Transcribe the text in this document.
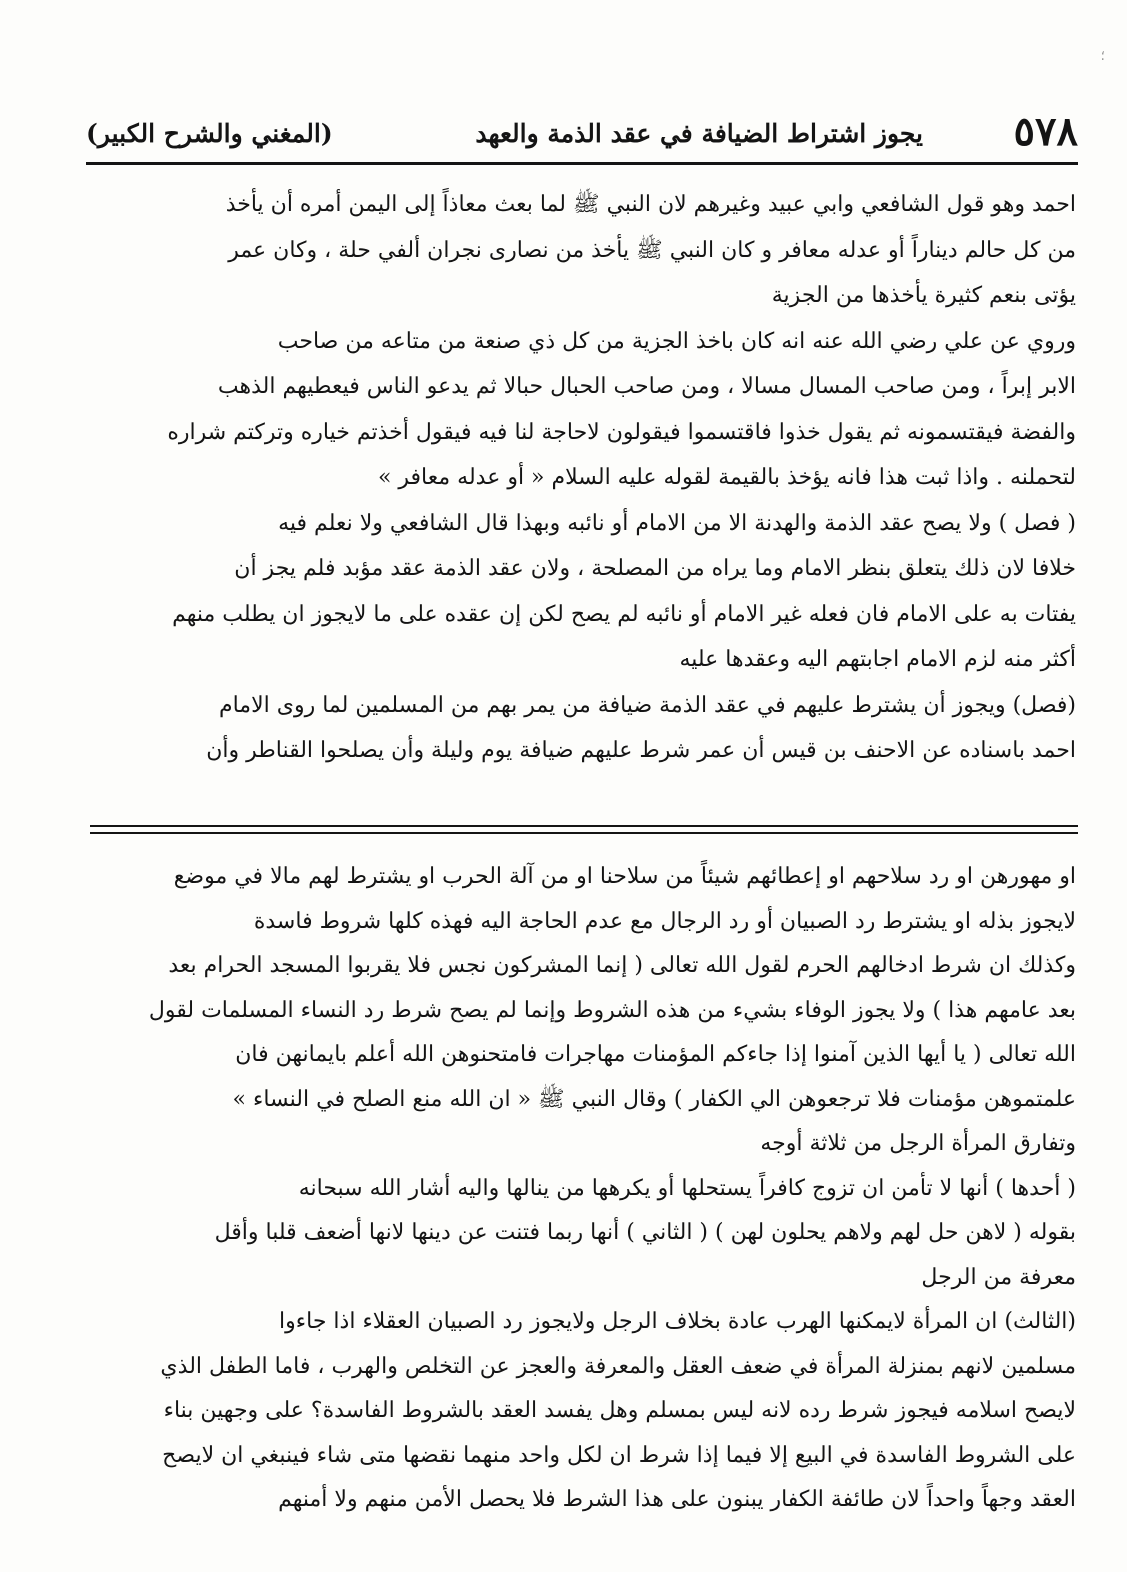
؛
٥٧٨
يجوز اشتراط الضيافة في عقد الذمة والعهد
(المغني والشرح الكبير)

احمد وهو قول الشافعي وابي عبيد وغيرهم لان النبي ﷺ لما بعث معاذاً إلى اليمن أمره أن يأخذ

من كل حالم ديناراً أو عدله معافر و كان النبي ﷺ يأخذ من نصارى نجران ألفي حلة ، وكان عمر

يؤتى بنعم كثيرة يأخذها من الجزية

وروي عن علي رضي الله عنه انه كان باخذ الجزية من كل ذي صنعة من متاعه من صاحب

الابر إبراً ، ومن صاحب المسال مسالا ، ومن صاحب الحبال حبالا ثم يدعو الناس فيعطيهم الذهب

والفضة فيقتسمونه ثم يقول خذوا فاقتسموا فيقولون لاحاجة لنا فيه فيقول أخذتم خياره وتركتم شراره

لتحملنه . واذا ثبت هذا فانه يؤخذ بالقيمة لقوله عليه السلام « أو عدله معافر »

( فصل ) ولا يصح عقد الذمة والهدنة الا من الامام أو نائبه وبهذا قال الشافعي ولا نعلم فيه

خلافا لان ذلك يتعلق بنظر الامام وما يراه من المصلحة ، ولان عقد الذمة عقد مؤبد فلم يجز أن

يفتات به على الامام فان فعله غير الامام أو نائبه لم يصح لكن إن عقده على ما لايجوز ان يطلب منهم

أكثر منه لزم الامام اجابتهم اليه وعقدها عليه

(فصل) ويجوز أن يشترط عليهم في عقد الذمة ضيافة من يمر بهم من المسلمين لما روى الامام

احمد باسناده عن الاحنف بن قيس أن عمر شرط عليهم ضيافة يوم وليلة وأن يصلحوا القناطر وأن

او مهورهن او رد سلاحهم او إعطائهم شيئاً من سلاحنا او من آلة الحرب او يشترط لهم مالا في موضع

لايجوز بذله او يشترط رد الصبيان أو رد الرجال مع عدم الحاجة اليه فهذه كلها شروط فاسدة

وكذلك ان شرط ادخالهم الحرم لقول الله تعالى ( إنما المشركون نجس فلا يقربوا المسجد الحرام بعد

بعد عامهم هذا ) ولا يجوز الوفاء بشيء من هذه الشروط وإنما لم يصح شرط رد النساء المسلمات لقول

الله تعالى ( يا أيها الذين آمنوا إذا جاءكم المؤمنات مهاجرات فامتحنوهن الله أعلم بايمانهن فان

علمتموهن مؤمنات فلا ترجعوهن الي الكفار ) وقال النبي ﷺ « ان الله منع الصلح في النساء »

وتفارق المرأة الرجل من ثلاثة أوجه

( أحدها ) أنها لا تأمن ان تزوج كافراً يستحلها أو يكرهها من ينالها واليه أشار الله سبحانه

بقوله ( لاهن حل لهم ولاهم يحلون لهن ) ( الثاني ) أنها ربما فتنت عن دينها لانها أضعف قلبا وأقل

معرفة من الرجل

(الثالث) ان المرأة لايمكنها الهرب عادة بخلاف الرجل ولايجوز رد الصبيان العقلاء اذا جاءوا

مسلمين لانهم بمنزلة المرأة في ضعف العقل والمعرفة والعجز عن التخلص والهرب ، فاما الطفل الذي

لايصح اسلامه فيجوز شرط رده لانه ليس بمسلم وهل يفسد العقد بالشروط الفاسدة؟ على وجهين بناء

على الشروط الفاسدة في البيع إلا فيما إذا شرط ان لكل واحد منهما نقضها متى شاء فينبغي ان لايصح

العقد وجهاً واحداً لان طائفة الكفار يبنون على هذا الشرط فلا يحصل الأمن منهم ولا أمنهم
